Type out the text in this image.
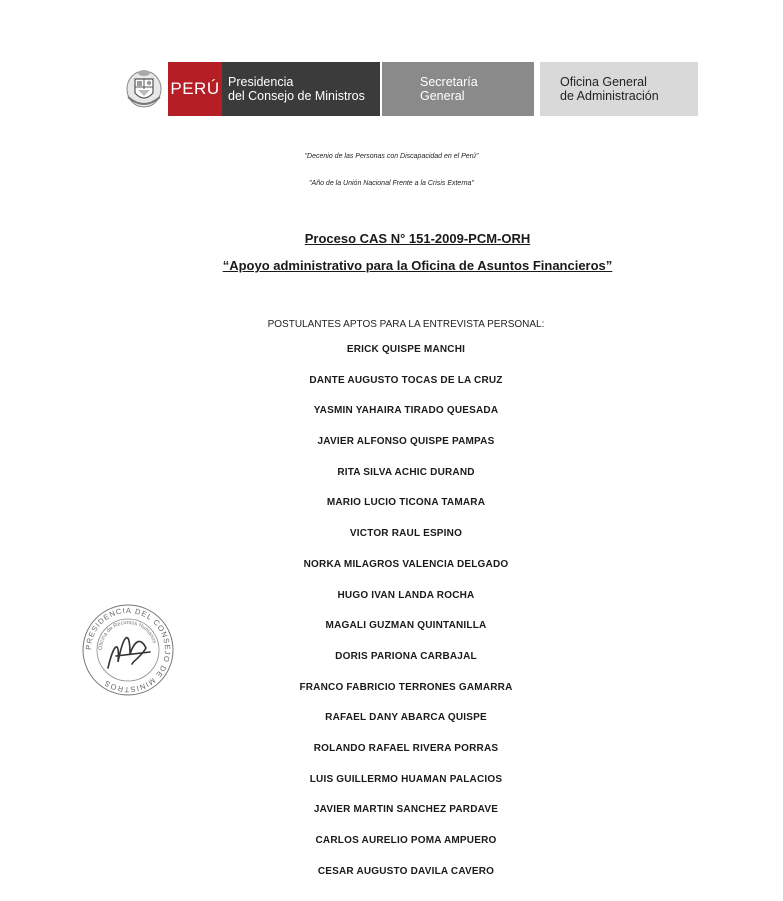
PERÚ Presidencia
del Consejo de Ministros
Secretaría
General
Oficina General
de Administración
"Decenio de las Personas con Discapacidad en el Perú"
"Año de la Unión Nacional Frente a la Crisis Externa"
Proceso CAS N° 151-2009-PCM-ORH
“Apoyo administrativo para la Oficina de Asuntos Financieros”
POSTULANTES APTOS PARA LA ENTREVISTA PERSONAL:
ERICK QUISPE MANCHI
DANTE AUGUSTO TOCAS DE LA CRUZ
YASMIN YAHAIRA TIRADO QUESADA
JAVIER ALFONSO QUISPE PAMPAS
RITA SILVA ACHIC DURAND
MARIO LUCIO TICONA TAMARA
VICTOR RAUL ESPINO
NORKA MILAGROS VALENCIA DELGADO
HUGO IVAN LANDA ROCHA
MAGALI GUZMAN QUINTANILLA
DORIS PARIONA CARBAJAL
FRANCO FABRICIO TERRONES GAMARRA
RAFAEL DANY ABARCA QUISPE
ROLANDO RAFAEL RIVERA PORRAS
LUIS GUILLERMO HUAMAN PALACIOS
JAVIER MARTIN SANCHEZ PARDAVE
CARLOS AURELIO POMA AMPUERO
CESAR AUGUSTO DAVILA CAVERO
PRESIDENCIA DEL CONSEJO DE MINISTROS
Oficina de Recursos Humanos
